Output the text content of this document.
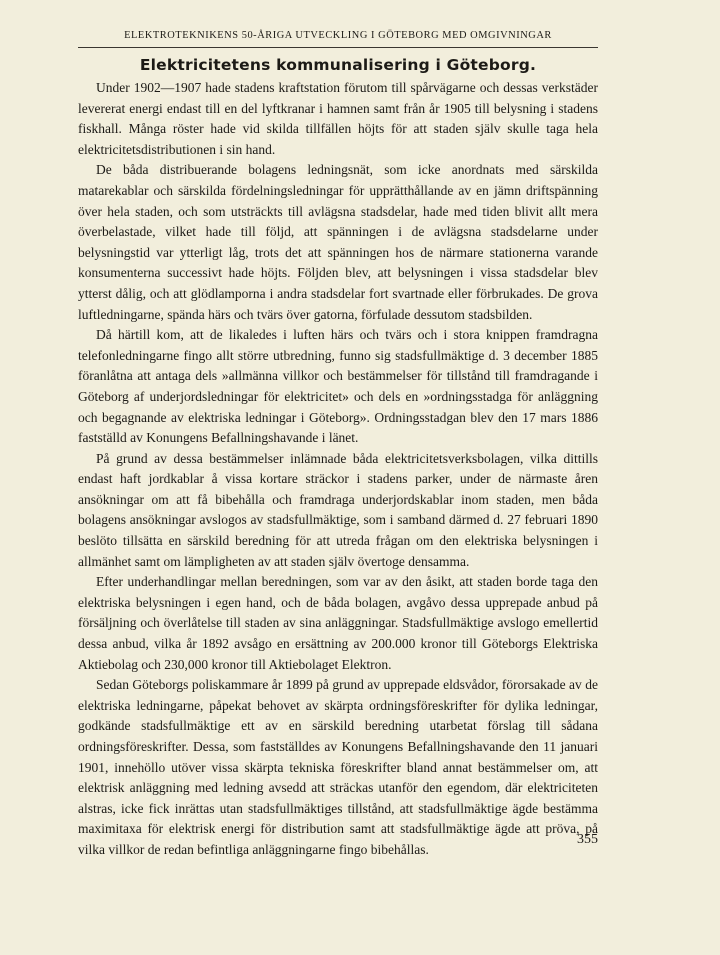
ELEKTROTEKNIKENS 50-ÅRIGA UTVECKLING I GÖTEBORG MED OMGIVNINGAR
Elektricitetens kommunalisering i Göteborg.

Under 1902—1907 hade stadens kraftstation förutom till spårvägarne och dessas verkstäder levererat energi endast till en del lyftkranar i hamnen samt från år 1905 till belysning i stadens fiskhall. Många röster hade vid skilda tillfällen höjts för att staden själv skulle taga hela elektricitetsdistributionen i sin hand.

De båda distribuerande bolagens ledningsnät, som icke anordnats med särskilda matarekablar och särskilda fördelningsledningar för upprätthållande av en jämn driftspänning över hela staden, och som utsträckts till avlägsna stadsdelar, hade med tiden blivit allt mera överbelastade, vilket hade till följd, att spänningen i de avlägsna stadsdelarne under belysningstid var ytterligt låg, trots det att spänningen hos de närmare stationerna varande konsumenterna successivt hade höjts. Följden blev, att belysningen i vissa stadsdelar blev ytterst dålig, och att glödlamporna i andra stadsdelar fort svartnade eller förbrukades. De grova luftledningarne, spända härs och tvärs över gatorna, förfulade dessutom stadsbilden.

Då härtill kom, att de likaledes i luften härs och tvärs och i stora knippen framdragna telefonledningarne fingo allt större utbredning, funno sig stadsfullmäktige d. 3 december 1885 föranlåtna att antaga dels »allmänna villkor och bestämmelser för tillstånd till framdragande i Göteborg af underjordsledningar för elektricitet» och dels en »ordningsstadga för anläggning och begagnande av elektriska ledningar i Göteborg». Ordningsstadgan blev den 17 mars 1886 fastställd av Konungens Befallningshavande i länet.

På grund av dessa bestämmelser inlämnade båda elektricitetsverksbolagen, vilka dittills endast haft jordkablar å vissa kortare sträckor i stadens parker, under de närmaste åren ansökningar om att få bibehålla och framdraga underjordskablar inom staden, men båda bolagens ansökningar avslogos av stadsfullmäktige, som i samband därmed d. 27 februari 1890 beslöto tillsätta en särskild beredning för att utreda frågan om den elektriska belysningen i allmänhet samt om lämpligheten av att staden själv övertoge densamma.

Efter underhandlingar mellan beredningen, som var av den åsikt, att staden borde taga den elektriska belysningen i egen hand, och de båda bolagen, avgåvo dessa upprepade anbud på försäljning och överlåtelse till staden av sina anläggningar. Stadsfullmäktige avslogo emellertid dessa anbud, vilka år 1892 avsågo en ersättning av 200.000 kronor till Göteborgs Elektriska Aktiebolag och 230,000 kronor till Aktiebolaget Elektron.

Sedan Göteborgs poliskammare år 1899 på grund av upprepade eldsvådor, förorsakade av de elektriska ledningarne, påpekat behovet av skärpta ordningsföreskrifter för dylika ledningar, godkände stadsfullmäktige ett av en särskild beredning utarbetat förslag till sådana ordningsföreskrifter. Dessa, som fastställdes av Konungens Befallningshavande den 11 januari 1901, innehöllo utöver vissa skärpta tekniska föreskrifter bland annat bestämmelser om, att elektrisk anläggning med ledning avsedd att sträckas utanför den egendom, där elektriciteten alstras, icke fick inrättas utan stadsfullmäktiges tillstånd, att stadsfullmäktige ägde bestämma maximitaxa för elektrisk energi för distribution samt att stadsfullmäktige ägde att pröva, på vilka villkor de redan befintliga anläggningarne fingo bibehållas.

355
